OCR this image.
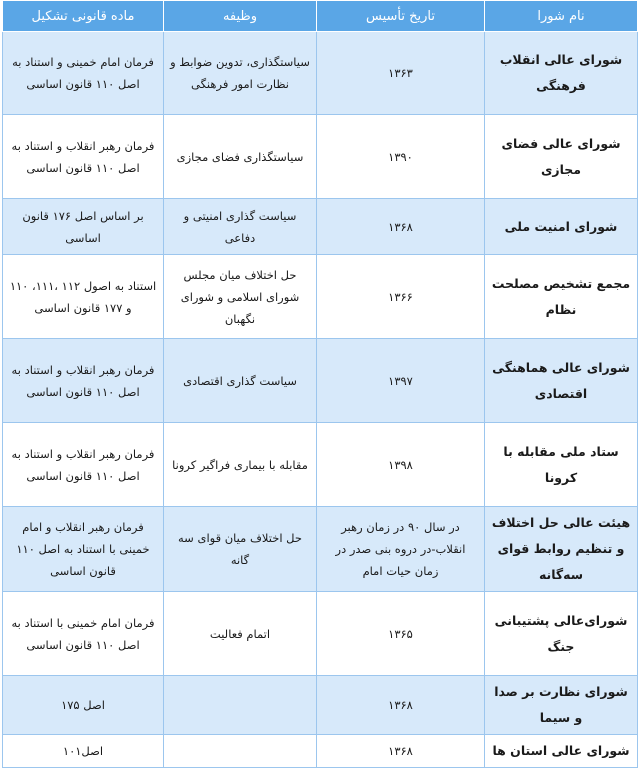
نام شورا	تاریخ تأسیس	وظیفه	ماده قانونی تشکیل
شورای عالی انقلاب فرهنگی	۱۳۶۳	سیاستگذاری، تدوین ضوابط و نظارت امور فرهنگی	فرمان امام خمینی و استناد به اصل ۱۱۰ قانون اساسی
شورای عالی فضای مجازی	۱۳۹۰	سیاستگذاری فضای مجازی	فرمان رهبر انقلاب و استناد به اصل ۱۱۰ قانون اساسی
شورای امنیت ملی	۱۳۶۸	سیاست گذاری امنیتی و دفاعی	بر اساس اصل ۱۷۶ قانون اساسی
مجمع تشخیص مصلحت نظام	۱۳۶۶	حل اختلاف میان مجلس شورای اسلامی و شورای نگهبان	استناد به اصول ۱۱۲ ،۱۱۱، ۱۱۰ و ۱۷۷ قانون اساسی
شورای عالی هماهنگی اقتصادی	۱۳۹۷	سیاست گذاری اقتصادی	فرمان رهبر انقلاب و استناد به اصل ۱۱۰ قانون اساسی
ستاد ملی مقابله با کرونا	۱۳۹۸	مقابله با بیماری فراگیر کرونا	فرمان رهبر انقلاب و استناد به اصل ۱۱۰ قانون اساسی
هیئت عالی حل اختلاف و تنظیم روابط قوای سه‌گانه	در سال ۹۰ در زمان رهبر انقلاب-در دروه بنی صدر در زمان حیات امام	حل اختلاف میان قوای سه گانه	فرمان رهبر انقلاب و امام خمینی با استناد به اصل ۱۱۰ قانون اساسی
شورای‌عالی پشتیبانی جنگ	۱۳۶۵	اتمام فعالیت	فرمان امام خمینی با استناد به اصل ۱۱۰ قانون اساسی
شورای نظارت بر صدا و سیما	۱۳۶۸		اصل ۱۷۵
شورای عالی استان ها	۱۳۶۸		اصل۱۰۱
